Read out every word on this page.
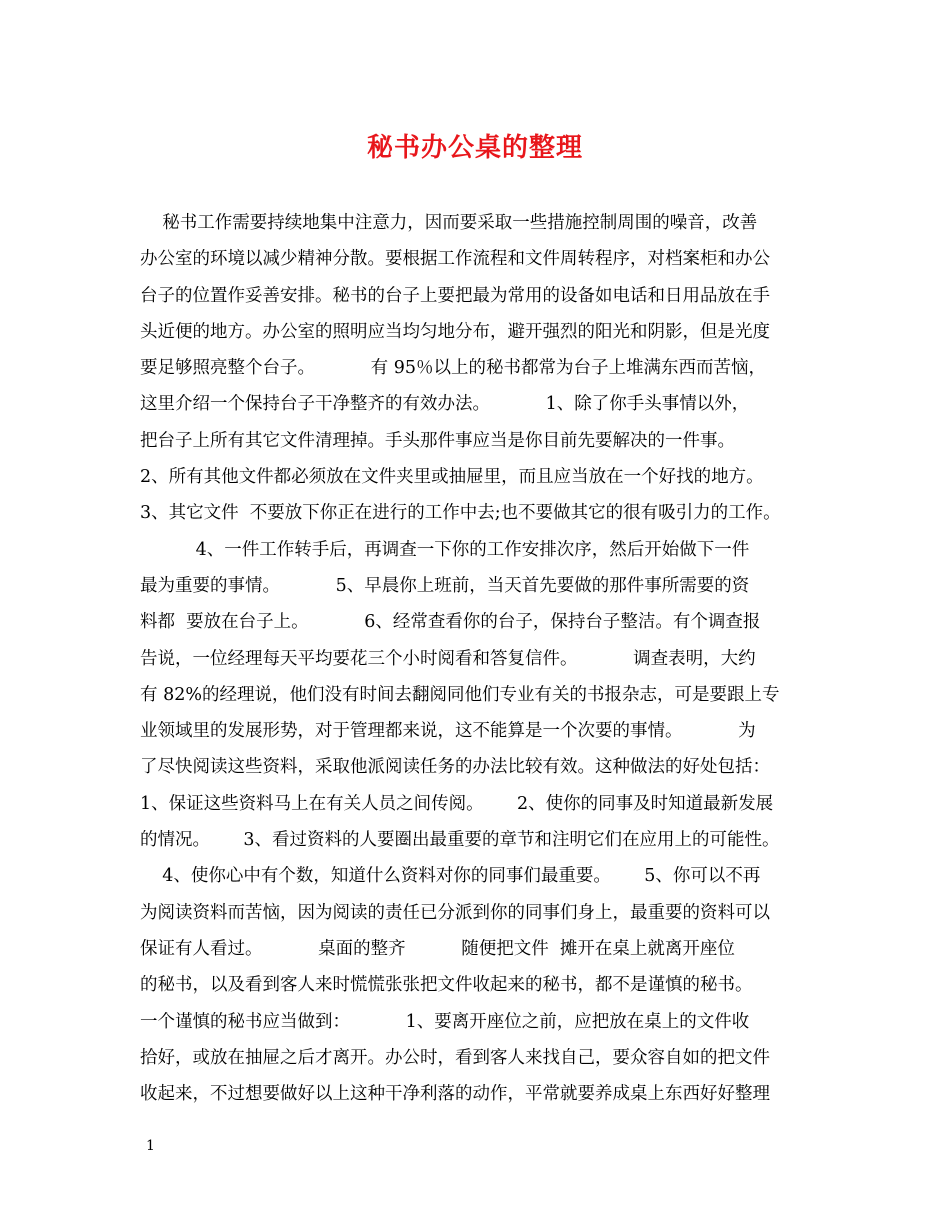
秘书办公桌的整理
秘书工作需要持续地集中注意力，因而要采取一些措施控制周围的噪音，改善
办公室的环境以减少精神分散。要根据工作流程和文件周转程序，对档案柜和办公
台子的位置作妥善安排。秘书的台子上要把最为常用的设备如电话和日用品放在手
头近便的地方。办公室的照明应当均匀地分布，避开强烈的阳光和阴影，但是光度
要足够照亮整个台子。          有 95％以上的秘书都常为台子上堆满东西而苦恼，
这里介绍一个保持台子干净整齐的有效办法。          1、除了你手头事情以外，
把台子上所有其它文件清理掉。手头那件事应当是你目前先要解决的一件事。
2、所有其他文件都必须放在文件夹里或抽屉里，而且应当放在一个好找的地方。
3、其它文件  不要放下你正在进行的工作中去;也不要做其它的很有吸引力的工作。
4、一件工作转手后，再调查一下你的工作安排次序，然后开始做下一件
最为重要的事情。          5、早晨你上班前，当天首先要做的那件事所需要的资
料都  要放在台子上。          6、经常查看你的台子，保持台子整洁。有个调查报
告说，一位经理每天平均要花三个小时阅看和答复信件。          调查表明，大约
有 82%的经理说，他们没有时间去翻阅同他们专业有关的书报杂志，可是要跟上专
业领域里的发展形势，对于管理都来说，这不能算是一个次要的事情。          为
了尽快阅读这些资料，采取他派阅读任务的办法比较有效。这种做法的好处包括：
1、保证这些资料马上在有关人员之间传阅。      2、使你的同事及时知道最新发展
的情况。      3、看过资料的人要圈出最重要的章节和注明它们在应用上的可能性。
4、使你心中有个数，知道什么资料对你的同事们最重要。      5、你可以不再
为阅读资料而苦恼，因为阅读的责任已分派到你的同事们身上，最重要的资料可以
保证有人看过。          桌面的整齐          随便把文件  摊开在桌上就离开座位
的秘书，以及看到客人来时慌慌张张把文件收起来的秘书，都不是谨慎的秘书。
一个谨慎的秘书应当做到：          1、要离开座位之前，应把放在桌上的文件收
拾好，或放在抽屉之后才离开。办公时，看到客人来找自己，要众容自如的把文件
收起来，不过想要做好以上这种干净利落的动作，平常就要养成桌上东西好好整理
1
